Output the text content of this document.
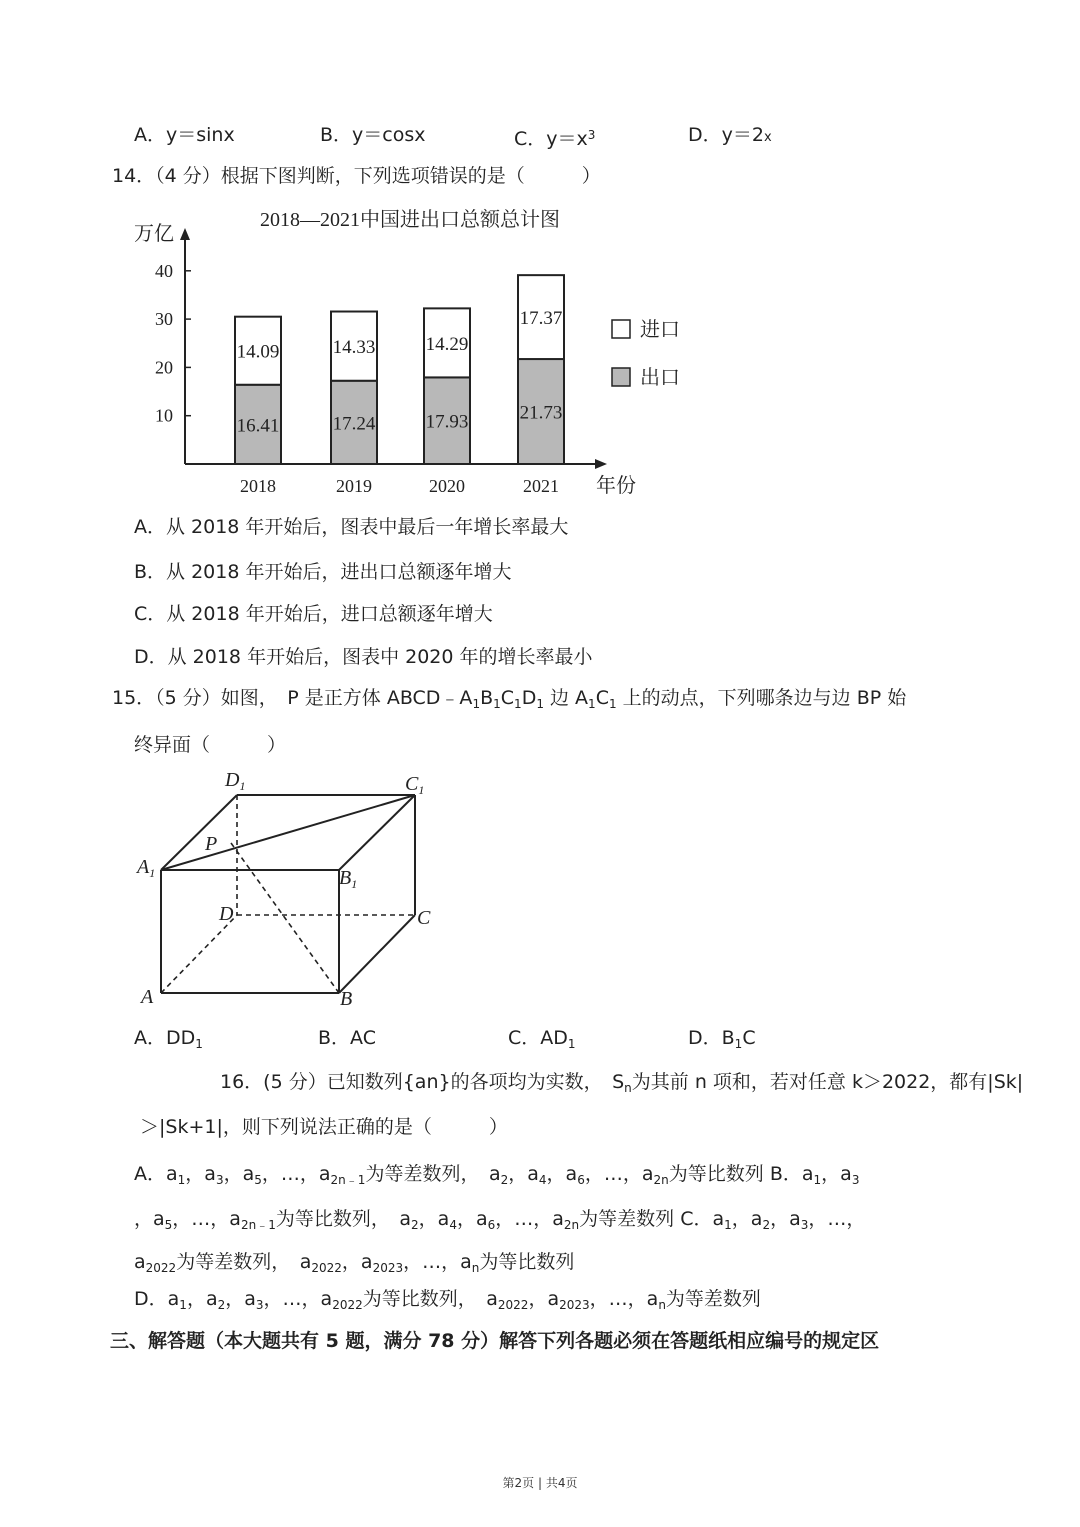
A．y＝sinx	B．y＝cosx	C．$y=x^3$	D．y＝2x
14．（4 分）根据下图判断，下列选项错误的是（　　　）
2018—2021中国进出口总额总计图
万亿
10
20
30
40
16.41
14.09
2018
17.24
14.33
2019
17.93
14.29
2020
21.73
17.37
2021 年份
进口
出口
A．从 2018 年开始后，图表中最后一年增长率最大
B．从 2018 年开始后，进出口总额逐年增大
C．从 2018 年开始后，进口总额逐年增大
D．从 2018 年开始后，图表中 2020 年的增长率最小
15．（5 分）如图，　P 是正方体 $ABCD﹣A_1B_1C_1D_1$ 边 $A_1C_1$ 上的动点，下列哪条边与边 BP 始
终异面（　　　）
$D_1$	$C_1$
$A_1$	$B_1$
P
D	C
A	B
A．$DD_1$	B．AC	C．$AD_1$	D．$B_1C$
16．(5 分）已知数列{an}的各项均为实数，　 $S_n$为其前 n 项和，若对任意 k＞2022，都有|Sk|
＞|Sk+1|，则下列说法正确的是（　　　）
A．$a_1$，$a_3$，$a_5$，…，$a_{2n﹣1}$为等差数列，　$a_2$，$a_4$，$a_6$，…，$a_{2n}$为等比数列 B．$a_1$，$a_3$
，$a_5$，…，$a_{2n﹣1}$为等比数列，　$a_2$，$a_4$，$a_6$，…，$a_{2n}$为等差数列 C．$a_1$，$a_2$，$a_3$，…，
$a_{2022}$为等差数列，　$a_{2022}$，$a_{2023}$，…，$a_n$为等比数列
D．$a_1$，$a_2$，$a_3$，…，$a_{2022}$为等比数列，　$a_{2022}$，$a_{2023}$，…，$a_n$为等差数列
三、解答题（本大题共有 5 题，满分 78 分）解答下列各题必须在答题纸相应编号的规定区
第2页 | 共4页
